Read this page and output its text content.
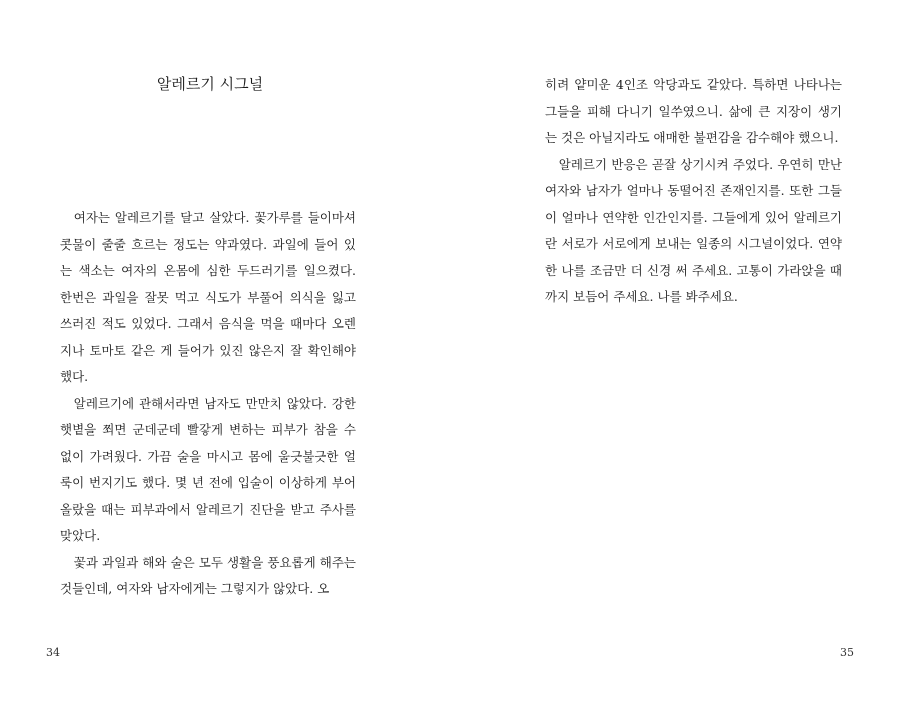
알레르기 시그널

여자는 알레르기를 달고 살았다. 꽃가루를 들이마셔 콧물이 줄줄 흐르는 정도는 약과였다. 과일에 들어 있는 색소는 여자의 온몸에 심한 두드러기를 일으켰다. 한번은 과일을 잘못 먹고 식도가 부풀어 의식을 잃고 쓰러진 적도 있었다. 그래서 음식을 먹을 때마다 오렌지나 토마토 같은 게 들어가 있진 않은지 잘 확인해야 했다.

알레르기에 관해서라면 남자도 만만치 않았다. 강한 햇볕을 쬐면 군데군데 빨갛게 변하는 피부가 참을 수 없이 가려웠다. 가끔 술을 마시고 몸에 울긋불긋한 얼룩이 번지기도 했다. 몇 년 전에 입술이 이상하게 부어올랐을 때는 피부과에서 알레르기 진단을 받고 주사를 맞았다.

꽃과 과일과 해와 술은 모두 생활을 풍요롭게 해주는 것들인데, 여자와 남자에게는 그렇지가 않았다. 오

34

히려 얕미운 4인조 악당과도 같았다. 특하면 나타나는 그들을 피해 다니기 일쑤였으니. 삶에 큰 지장이 생기는 것은 아닐지라도 애매한 불편감을 감수해야 했으니.

알레르기 반응은 곧잘 상기시켜 주었다. 우연히 만난 여자와 남자가 얼마나 동떨어진 존재인지를. 또한 그들이 얼마나 연약한 인간인지를. 그들에게 있어 알레르기란 서로가 서로에게 보내는 일종의 시그널이었다. 연약한 나를 조금만 더 신경 써 주세요. 고통이 가라앉을 때까지 보듬어 주세요. 나를 봐주세요.

35
